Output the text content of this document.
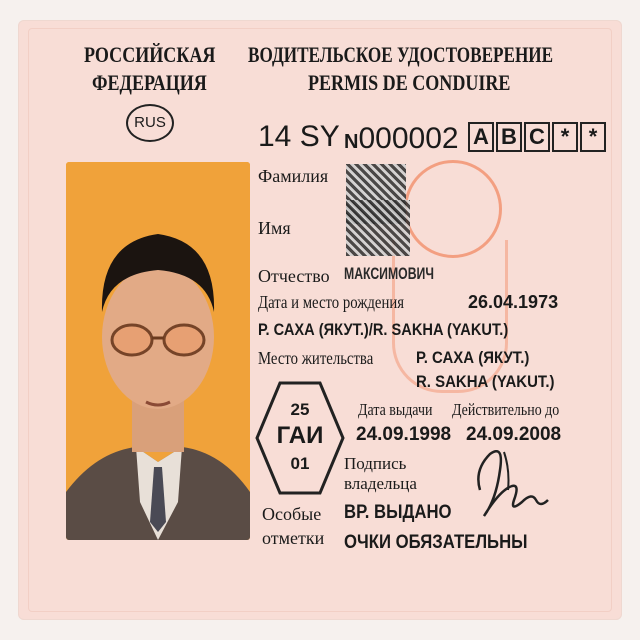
РОССИЙСКАЯ
ФЕДЕРАЦИЯ
RUS
ВОДИТЕЛЬСКОЕ УДОСТОВЕРЕНИЕ
PERMIS DE CONDUIRE
14 SY N000002 A B C * *
Фамилия
Имя
Отчество МАКСИМОВИЧ
Дата и место рождения	26.04.1973
Р. САХА (ЯКУТ.)/R. SAKHA (YAKUT.)
Место жительства	Р. САХА (ЯКУТ.)
R. SAKHA (YAKUT.)
25
ГАИ
01
Дата выдачи	Действительно до
24.09.1998 24.09.2008
Подпись
владельца
Особые
отметки
ВР. ВЫДАНО
ОЧКИ ОБЯЗАТЕЛЬНЫ
